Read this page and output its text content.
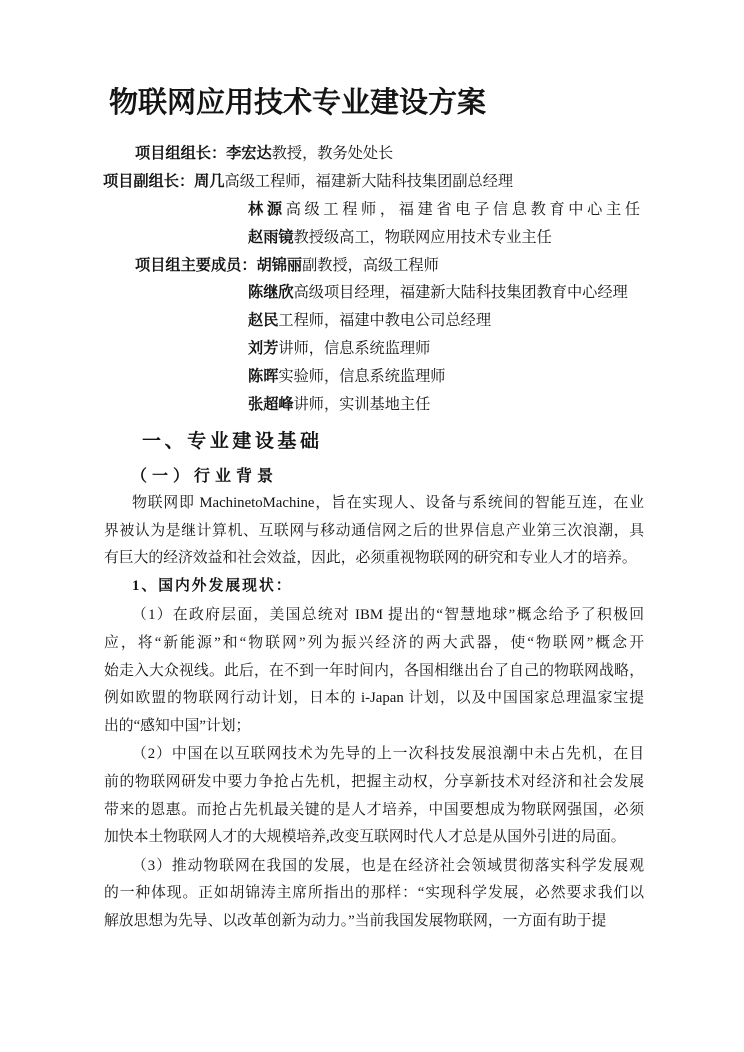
物联网应用技术专业建设方案
项目组组长：李宏达教授，教务处处长
项目副组长：周几高级工程师，福建新大陆科技集团副总经理
林源高级工程师，福建省电子信息教育中心主任
赵雨镜教授级高工，物联网应用技术专业主任
项目组主要成员：胡锦丽副教授，高级工程师
陈继欣高级项目经理，福建新大陆科技集团教育中心经理
赵民工程师，福建中教电公司总经理
刘芳讲师，信息系统监理师
陈晖实验师，信息系统监理师
张超峰讲师，实训基地主任
一、专业建设基础
（一）行业背景
物联网即 MachinetoMachine，旨在实现人、设备与系统间的智能互连，在业
界被认为是继计算机、互联网与移动通信网之后的世界信息产业第三次浪潮，具
有巨大的经济效益和社会效益，因此，必须重视物联网的研究和专业人才的培养。
1、国内外发展现状：
（1）在政府层面，美国总统对 IBM 提出的“智慧地球”概念给予了积极回
应，将“新能源”和“物联网”列为振兴经济的两大武器，使“物联网”概念开
始走入大众视线。此后，在不到一年时间内，各国相继出台了自己的物联网战略，
例如欧盟的物联网行动计划，日本的 i-Japan 计划，以及中国国家总理温家宝提
出的“感知中国”计划；
（2）中国在以互联网技术为先导的上一次科技发展浪潮中未占先机，在目
前的物联网研发中要力争抢占先机，把握主动权，分享新技术对经济和社会发展
带来的恩惠。而抢占先机最关键的是人才培养，中国要想成为物联网强国，必须
加快本土物联网人才的大规模培养,改变互联网时代人才总是从国外引进的局面。
（3）推动物联网在我国的发展，也是在经济社会领域贯彻落实科学发展观
的一种体现。正如胡锦涛主席所指出的那样：“实现科学发展，必然要求我们以
解放思想为先导、以改革创新为动力。”当前我国发展物联网，一方面有助于提
